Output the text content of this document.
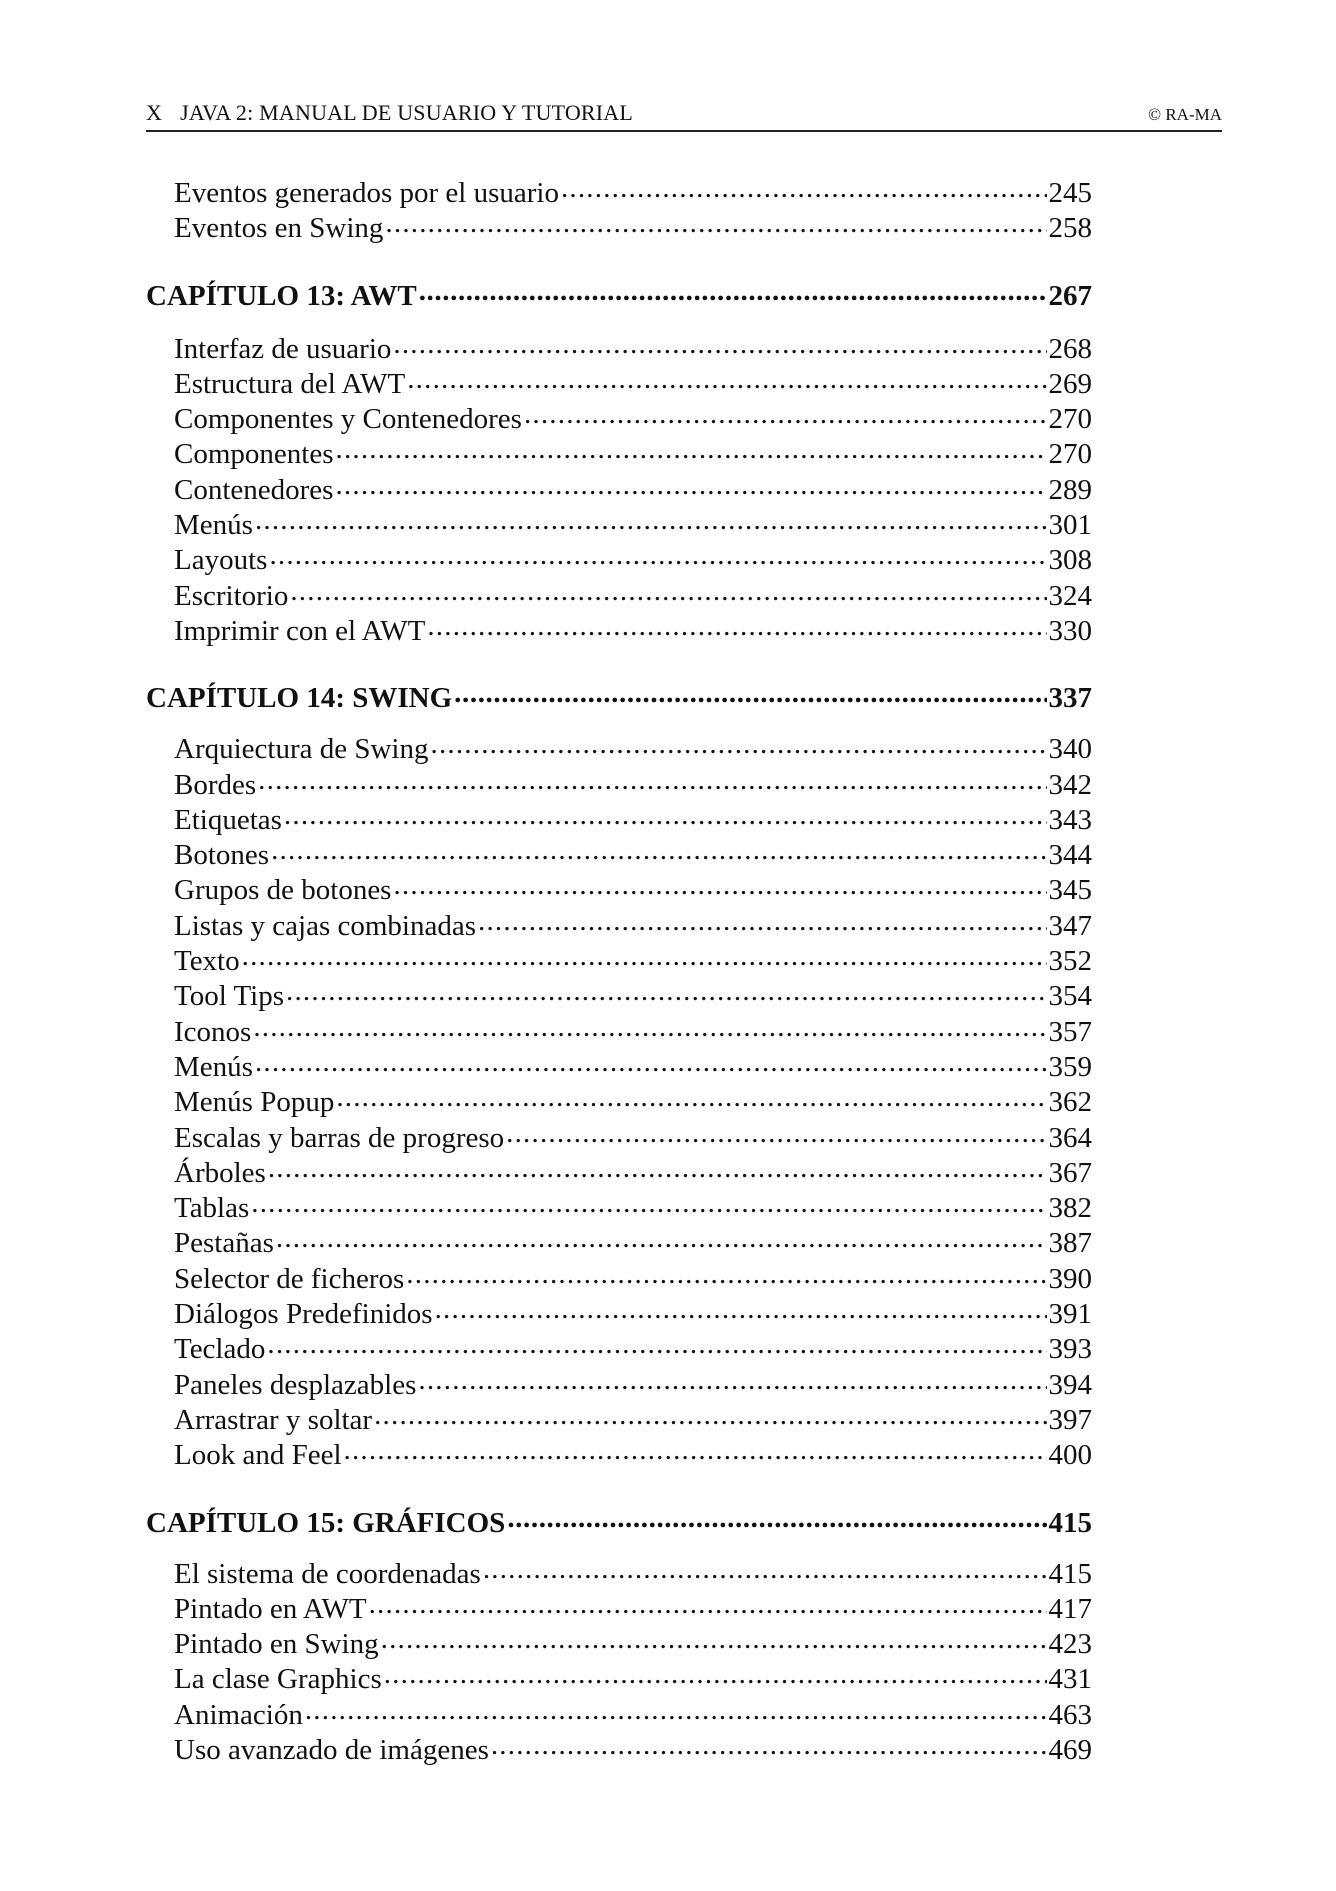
X JAVA 2: MANUAL DE USUARIO Y TUTORIAL	© RA-MA
Eventos generados por el usuario .....	245
Eventos en Swing .....	258
CAPÍTULO 13: AWT .....	267
Interfaz de usuario .....	268
Estructura del AWT .....	269
Componentes y Contenedores .....	270
Componentes .....	270
Contenedores .....	289
Menús .....	301
Layouts .....	308
Escritorio .....	324
Imprimir con el AWT .....	330
CAPÍTULO 14: SWING .....	337
Arquiectura de Swing .....	340
Bordes .....	342
Etiquetas .....	343
Botones .....	344
Grupos de botones .....	345
Listas y cajas combinadas .....	347
Texto .....	352
Tool Tips .....	354
Iconos .....	357
Menús .....	359
Menús Popup .....	362
Escalas y barras de progreso .....	364
Árboles .....	367
Tablas .....	382
Pestañas .....	387
Selector de ficheros .....	390
Diálogos Predefinidos .....	391
Teclado .....	393
Paneles desplazables .....	394
Arrastrar y soltar .....	397
Look and Feel .....	400
CAPÍTULO 15: GRÁFICOS .....	415
El sistema de coordenadas .....	415
Pintado en AWT .....	417
Pintado en Swing .....	423
La clase Graphics .....	431
Animación .....	463
Uso avanzado de imágenes .....	469
